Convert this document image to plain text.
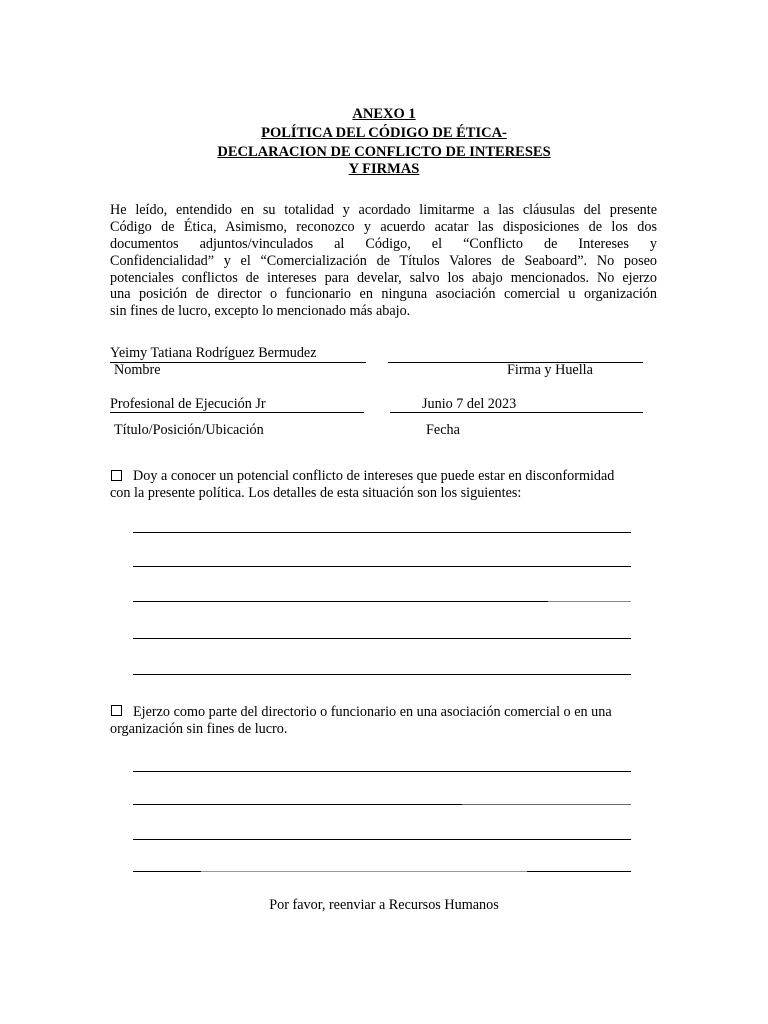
ANEXO 1
POLÍTICA DEL CÓDIGO DE ÉTICA-
DECLARACION DE CONFLICTO DE INTERESES
Y FIRMAS
He leído, entendido en su totalidad y acordado limitarme a las cláusulas del presente
Código de Ética, Asimismo, reconozco y acuerdo acatar las disposiciones de los dos
documentos adjuntos/vinculados al Código, el “Conflicto de Intereses y
Confidencialidad” y el “Comercialización de Títulos Valores de Seaboard”. No poseo
potenciales conflictos de intereses para develar, salvo los abajo mencionados. No ejerzo
una posición de director o funcionario en ninguna asociación comercial u organización
sin fines de lucro, excepto lo mencionado más abajo.
Yeimy Tatiana Rodríguez Bermudez
Nombre	Firma y Huella
Profesional de Ejecución Jr	Junio 7 del 2023
Título/Posición/Ubicación	Fecha
Doy a conocer un potencial conflicto de intereses que puede estar en disconformidad
con la presente política. Los detalles de esta situación son los siguientes:
Ejerzo como parte del directorio o funcionario en una asociación comercial o en una
organización sin fines de lucro.
Por favor, reenviar a Recursos Humanos
